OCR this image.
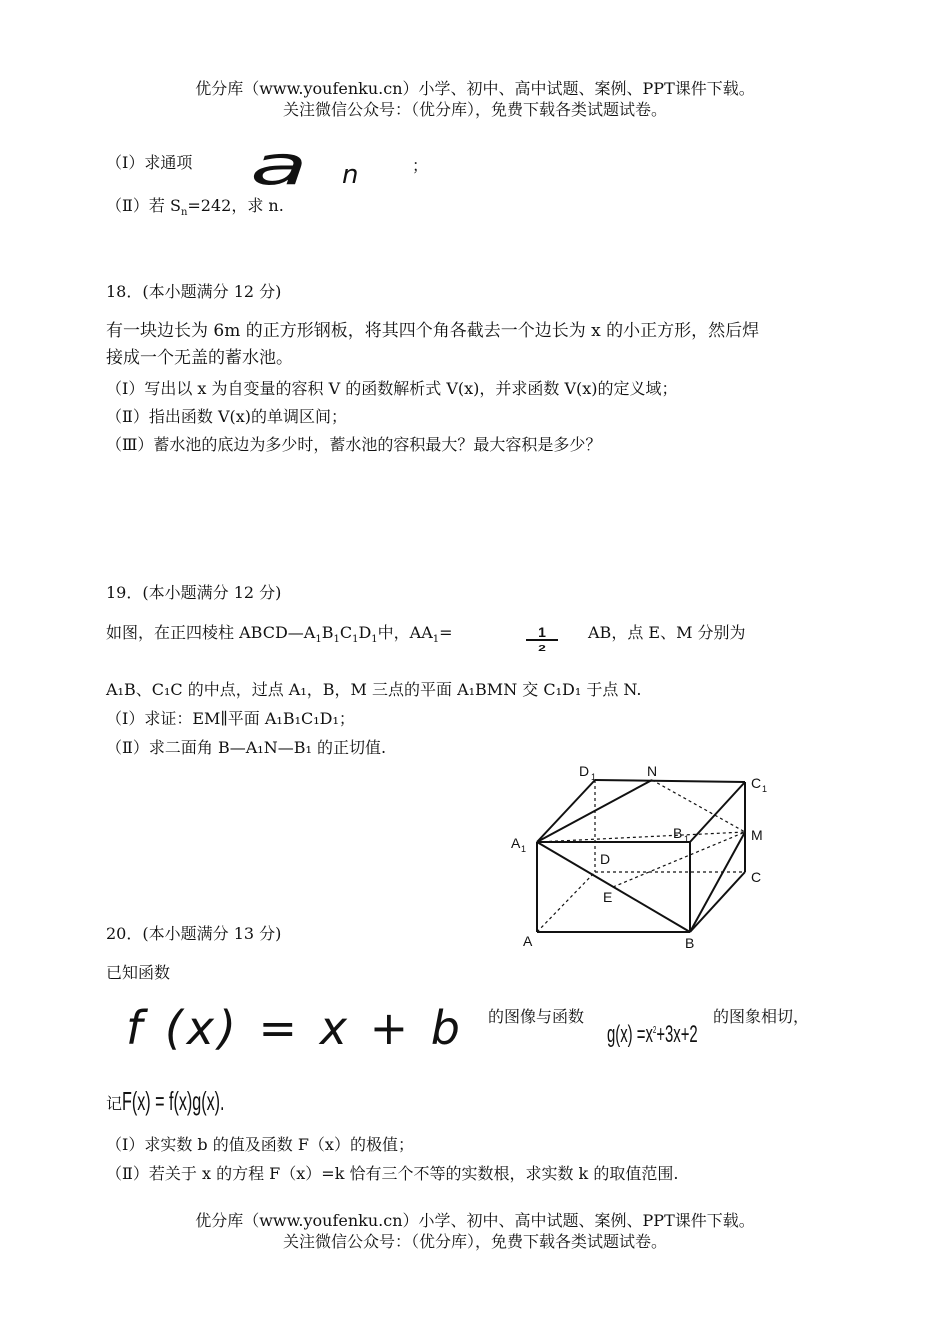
优分库（www.youfenku.cn）小学、初中、高中试题、案例、PPT课件下载。
关注微信公众号：（优分库），免费下载各类试题试卷。
（Ⅰ）求通项 a n	；
（Ⅱ）若 $S_n=242$，求 n.
18．(本小题满分 12 分)
有一块边长为 6m 的正方形钢板，将其四个角各截去一个边长为 x 的小正方形，然后焊
接成一个无盖的蓄水池。
（Ⅰ）写出以 x 为自变量的容积 V 的函数解析式 V(x)，并求函数 V(x)的定义域；
（Ⅱ）指出函数 V(x)的单调区间；
（Ⅲ）蓄水池的底边为多少时，蓄水池的容积最大？最大容积是多少？
19．(本小题满分 12 分)
如图，在正四棱柱 $ABCD—A_1B_1C_1D_1$中，$AA_1=$	1
2
AB，点 E、M 分别为
A₁B、C₁C 的中点，过点 A₁，B，M 三点的平面 A₁BMN 交 C₁D₁ 于点 N.
（Ⅰ）求证：EM∥平面 A₁B₁C₁D₁；
（Ⅱ）求二面角 B—A₁N—B₁ 的正切值.
D 1	N
C 1
A 1
B 1	M
D
C
E
A	B
20．(本小题满分 13 分)
已知函数
f (x) = x + b 的图像与函数
$g(x) =x^2+3x+2$
的图象相切，
记 F(x) = f(x)g(x).
（Ⅰ）求实数 b 的值及函数 F（x）的极值；
（Ⅱ）若关于 x 的方程 F（x）=k 恰有三个不等的实数根，求实数 k 的取值范围.
优分库（www.youfenku.cn）小学、初中、高中试题、案例、PPT课件下载。
关注微信公众号：（优分库），免费下载各类试题试卷。
